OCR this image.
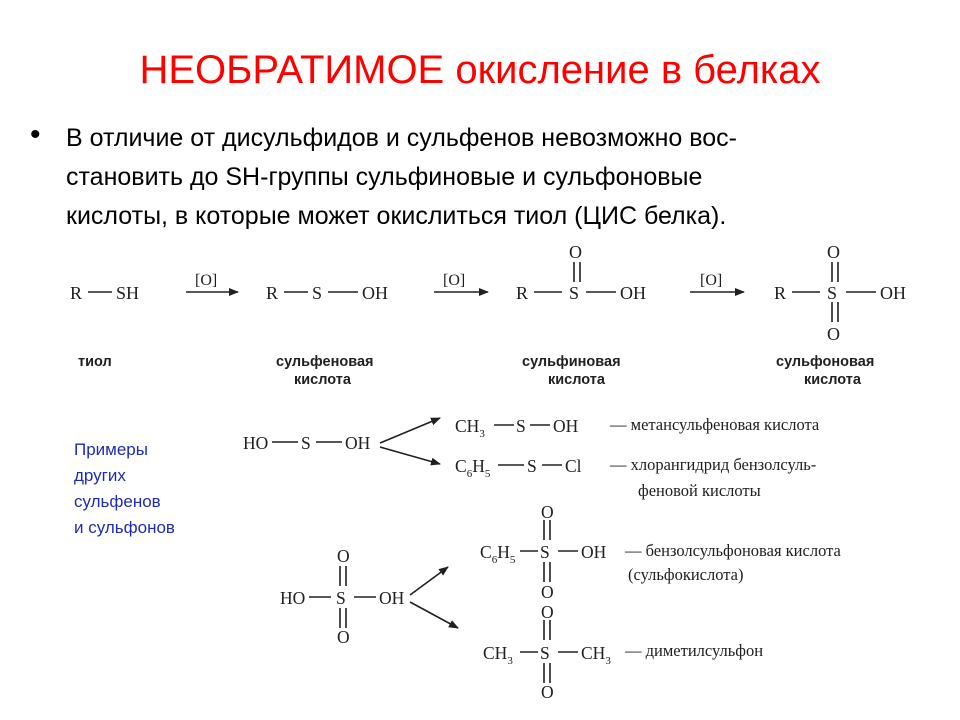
НЕОБРАТИМОЕ окисление в белках
• В отличие от дисульфидов и сульфенов невозможно вос-
становить до SH-группы сульфиновые и сульфоновые
кислоты, в которые может окислиться тиол (ЦИС белка).
Примеры
других
сульфенов
и сульфонов
R SH
[O]
R S OH
[O]
R S
O
OH
[O]
R S
O
O
OH
тиол	сульфеновая
кислота
сульфиновая
кислота
сульфоновая
кислота
HO S OH
$CH_3$ S OH — метансульфеновая кислота
$C_6H_5$ S Cl — хлорангидрид бензолсуль-
феновой кислоты
HO S
O
O
OH
$C_6H_5$ S
O
O
OH — бензолсульфоновая кислота
(сульфокислота)
$CH_3$ S
O
O
$CH_3$
— диметилсульфон
